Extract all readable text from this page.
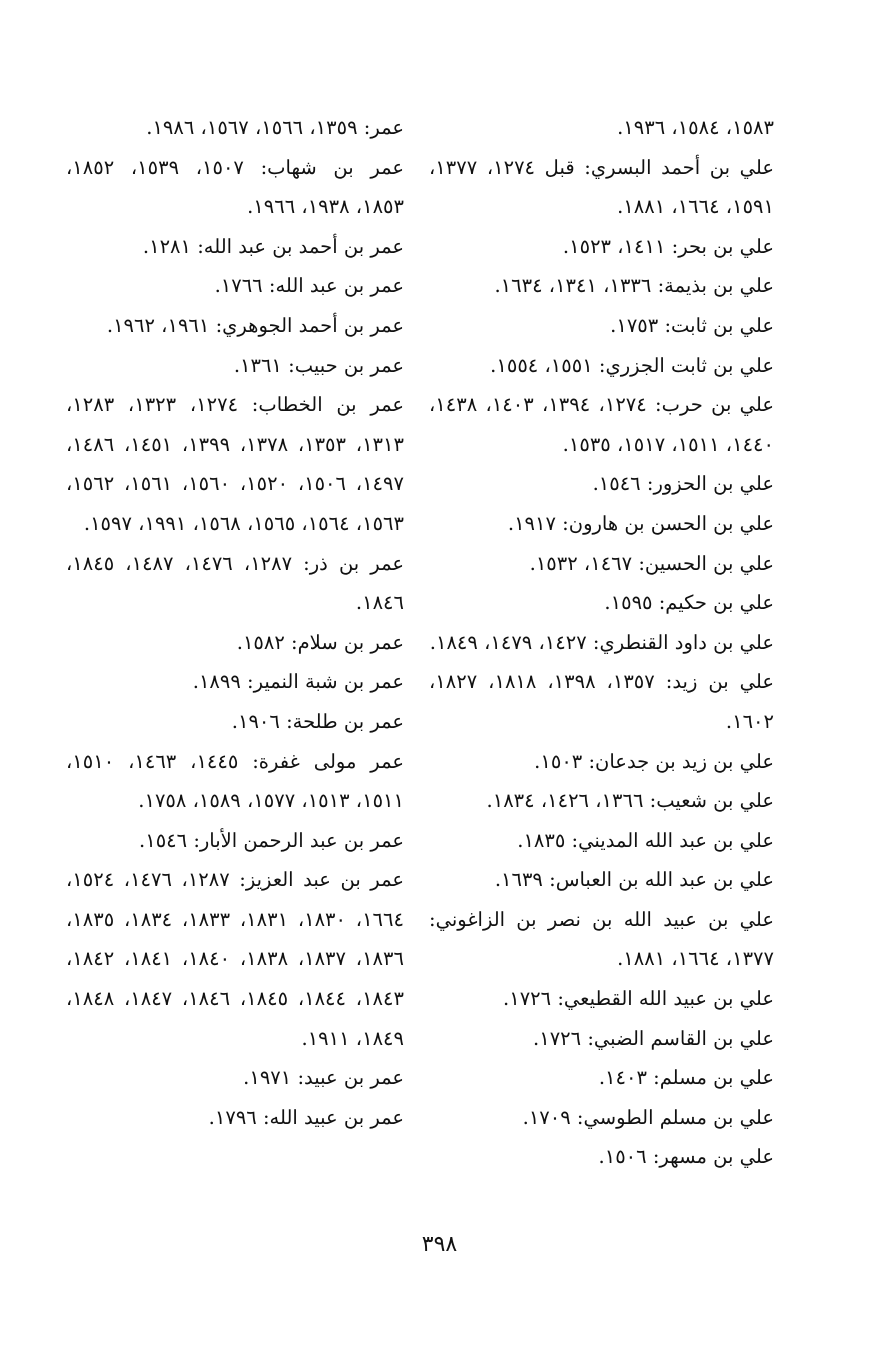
١٥٨٣، ١٥٨٤، ١٩٣٦.

علي بن أحمد البسري: قبل ١٢٧٤، ١٣٧٧، ١٥٩١، ١٦٦٤، ١٨٨١.

علي بن بحر: ١٤١١، ١٥٢٣.

علي بن بذيمة: ١٣٣٦، ١٣٤١، ١٦٣٤.

علي بن ثابت: ١٧٥٣.

علي بن ثابت الجزري: ١٥٥١، ١٥٥٤.

علي بن حرب: ١٢٧٤، ١٣٩٤، ١٤٠٣، ١٤٣٨، ١٤٤٠، ١٥١١، ١٥١٧، ١٥٣٥.

علي بن الحزور: ١٥٤٦.

علي بن الحسن بن هارون: ١٩١٧.

علي بن الحسين: ١٤٦٧، ١٥٣٢.

علي بن حكيم: ١٥٩٥.

علي بن داود القنطري: ١٤٢٧، ١٤٧٩، ١٨٤٩.

علي بن زيد: ١٣٥٧، ١٣٩٨، ١٨١٨، ١٨٢٧، ١٦٠٢.

علي بن زيد بن جدعان: ١٥٠٣.

علي بن شعيب: ١٣٦٦، ١٤٢٦، ١٨٣٤.

علي بن عبد الله المديني: ١٨٣٥.

علي بن عبد الله بن العباس: ١٦٣٩.

علي بن عبيد الله بن نصر بن الزاغوني: ١٣٧٧، ١٦٦٤، ١٨٨١.

علي بن عبيد الله القطيعي: ١٧٢٦.

علي بن القاسم الضبي: ١٧٢٦.

علي بن مسلم: ١٤٠٣.

علي بن مسلم الطوسي: ١٧٠٩.

علي بن مسهر: ١٥٠٦.

عمر: ١٣٥٩، ١٥٦٦، ١٥٦٧، ١٩٨٦.

عمر بن شهاب: ١٥٠٧، ١٥٣٩، ١٨٥٢، ١٨٥٣، ١٩٣٨، ١٩٦٦.

عمر بن أحمد بن عبد الله: ١٢٨١.

عمر بن عبد الله: ١٧٦٦.

عمر بن أحمد الجوهري: ١٩٦١، ١٩٦٢.

عمر بن حبيب: ١٣٦١.

عمر بن الخطاب: ١٢٧٤، ١٣٢٣، ١٢٨٣، ١٣١٣، ١٣٥٣، ١٣٧٨، ١٣٩٩، ١٤٥١، ١٤٨٦، ١٤٩٧، ١٥٠٦، ١٥٢٠، ١٥٦٠، ١٥٦١، ١٥٦٢، ١٥٦٣، ١٥٦٤، ١٥٦٥، ١٥٦٨، ١٩٩١، ١٥٩٧.

عمر بن ذر: ١٢٨٧، ١٤٧٦، ١٤٨٧، ١٨٤٥، ١٨٤٦.

عمر بن سلام: ١٥٨٢.

عمر بن شبة النمير: ١٨٩٩.

عمر بن طلحة: ١٩٠٦.

عمر مولى غفرة: ١٤٤٥، ١٤٦٣، ١٥١٠، ١٥١١، ١٥١٣، ١٥٧٧، ١٥٨٩، ١٧٥٨.

عمر بن عبد الرحمن الأبار: ١٥٤٦.

عمر بن عبد العزيز: ١٢٨٧، ١٤٧٦، ١٥٢٤، ١٦٦٤، ١٨٣٠، ١٨٣١، ١٨٣٣، ١٨٣٤، ١٨٣٥، ١٨٣٦، ١٨٣٧، ١٨٣٨، ١٨٤٠، ١٨٤١، ١٨٤٢، ١٨٤٣، ١٨٤٤، ١٨٤٥، ١٨٤٦، ١٨٤٧، ١٨٤٨، ١٨٤٩، ١٩١١.

عمر بن عبيد: ١٩٧١.

عمر بن عبيد الله: ١٧٩٦.

٣٩٨
